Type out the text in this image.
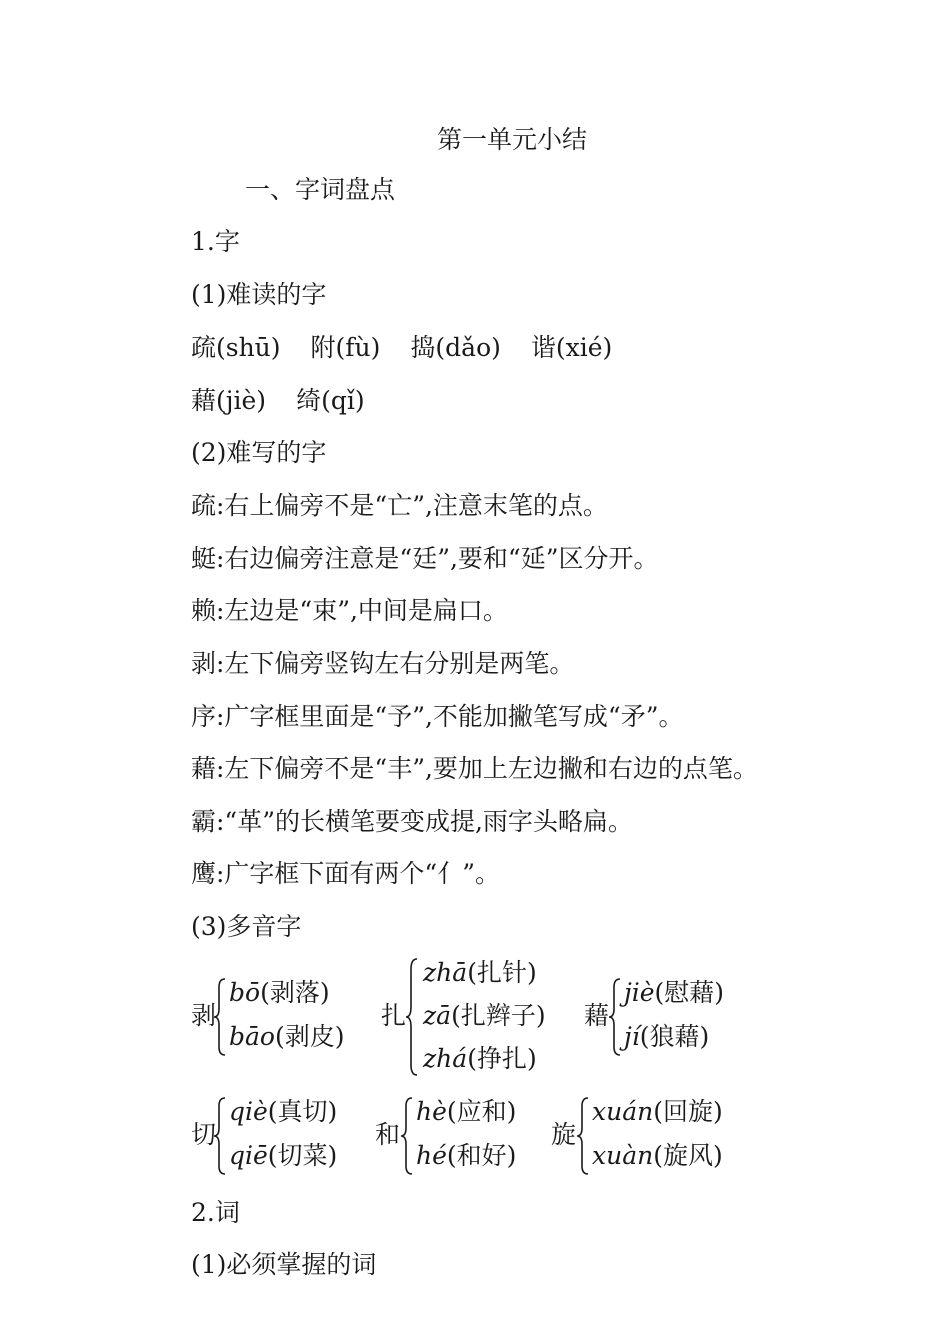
第一单元小结
一、字词盘点
1.字
(1)难读的字
疏(shū) 附(fù) 捣(dǎo) 谐(xié)
藉(jiè) 绮(qǐ)
(2)难写的字
疏:右上偏旁不是“亡”,注意末笔的点。
蜓:右边偏旁注意是“廷”,要和“延”区分开。
赖:左边是“束”,中间是扁口。
剥:左下偏旁竖钩左右分别是两笔。
序:广字框里面是“予”,不能加撇笔写成“矛”。
藉:左下偏旁不是“丰”,要加上左边撇和右边的点笔。
霸:“革”的长横笔要变成提,雨字头略扁。
鹰:广字框下面有两个“亻”。
(3)多音字
剥
bō(剥落)
bāo(剥皮)
扎
zhā(扎针)
zā(扎辫子)
zhá(挣扎)
藉
jiè(慰藉)
jí(狼藉)
切
qiè(真切)
qiē(切菜)
和
hè(应和)
hé(和好)
旋
xuán(回旋)
xuàn(旋风)
2.词
(1)必须掌握的词
